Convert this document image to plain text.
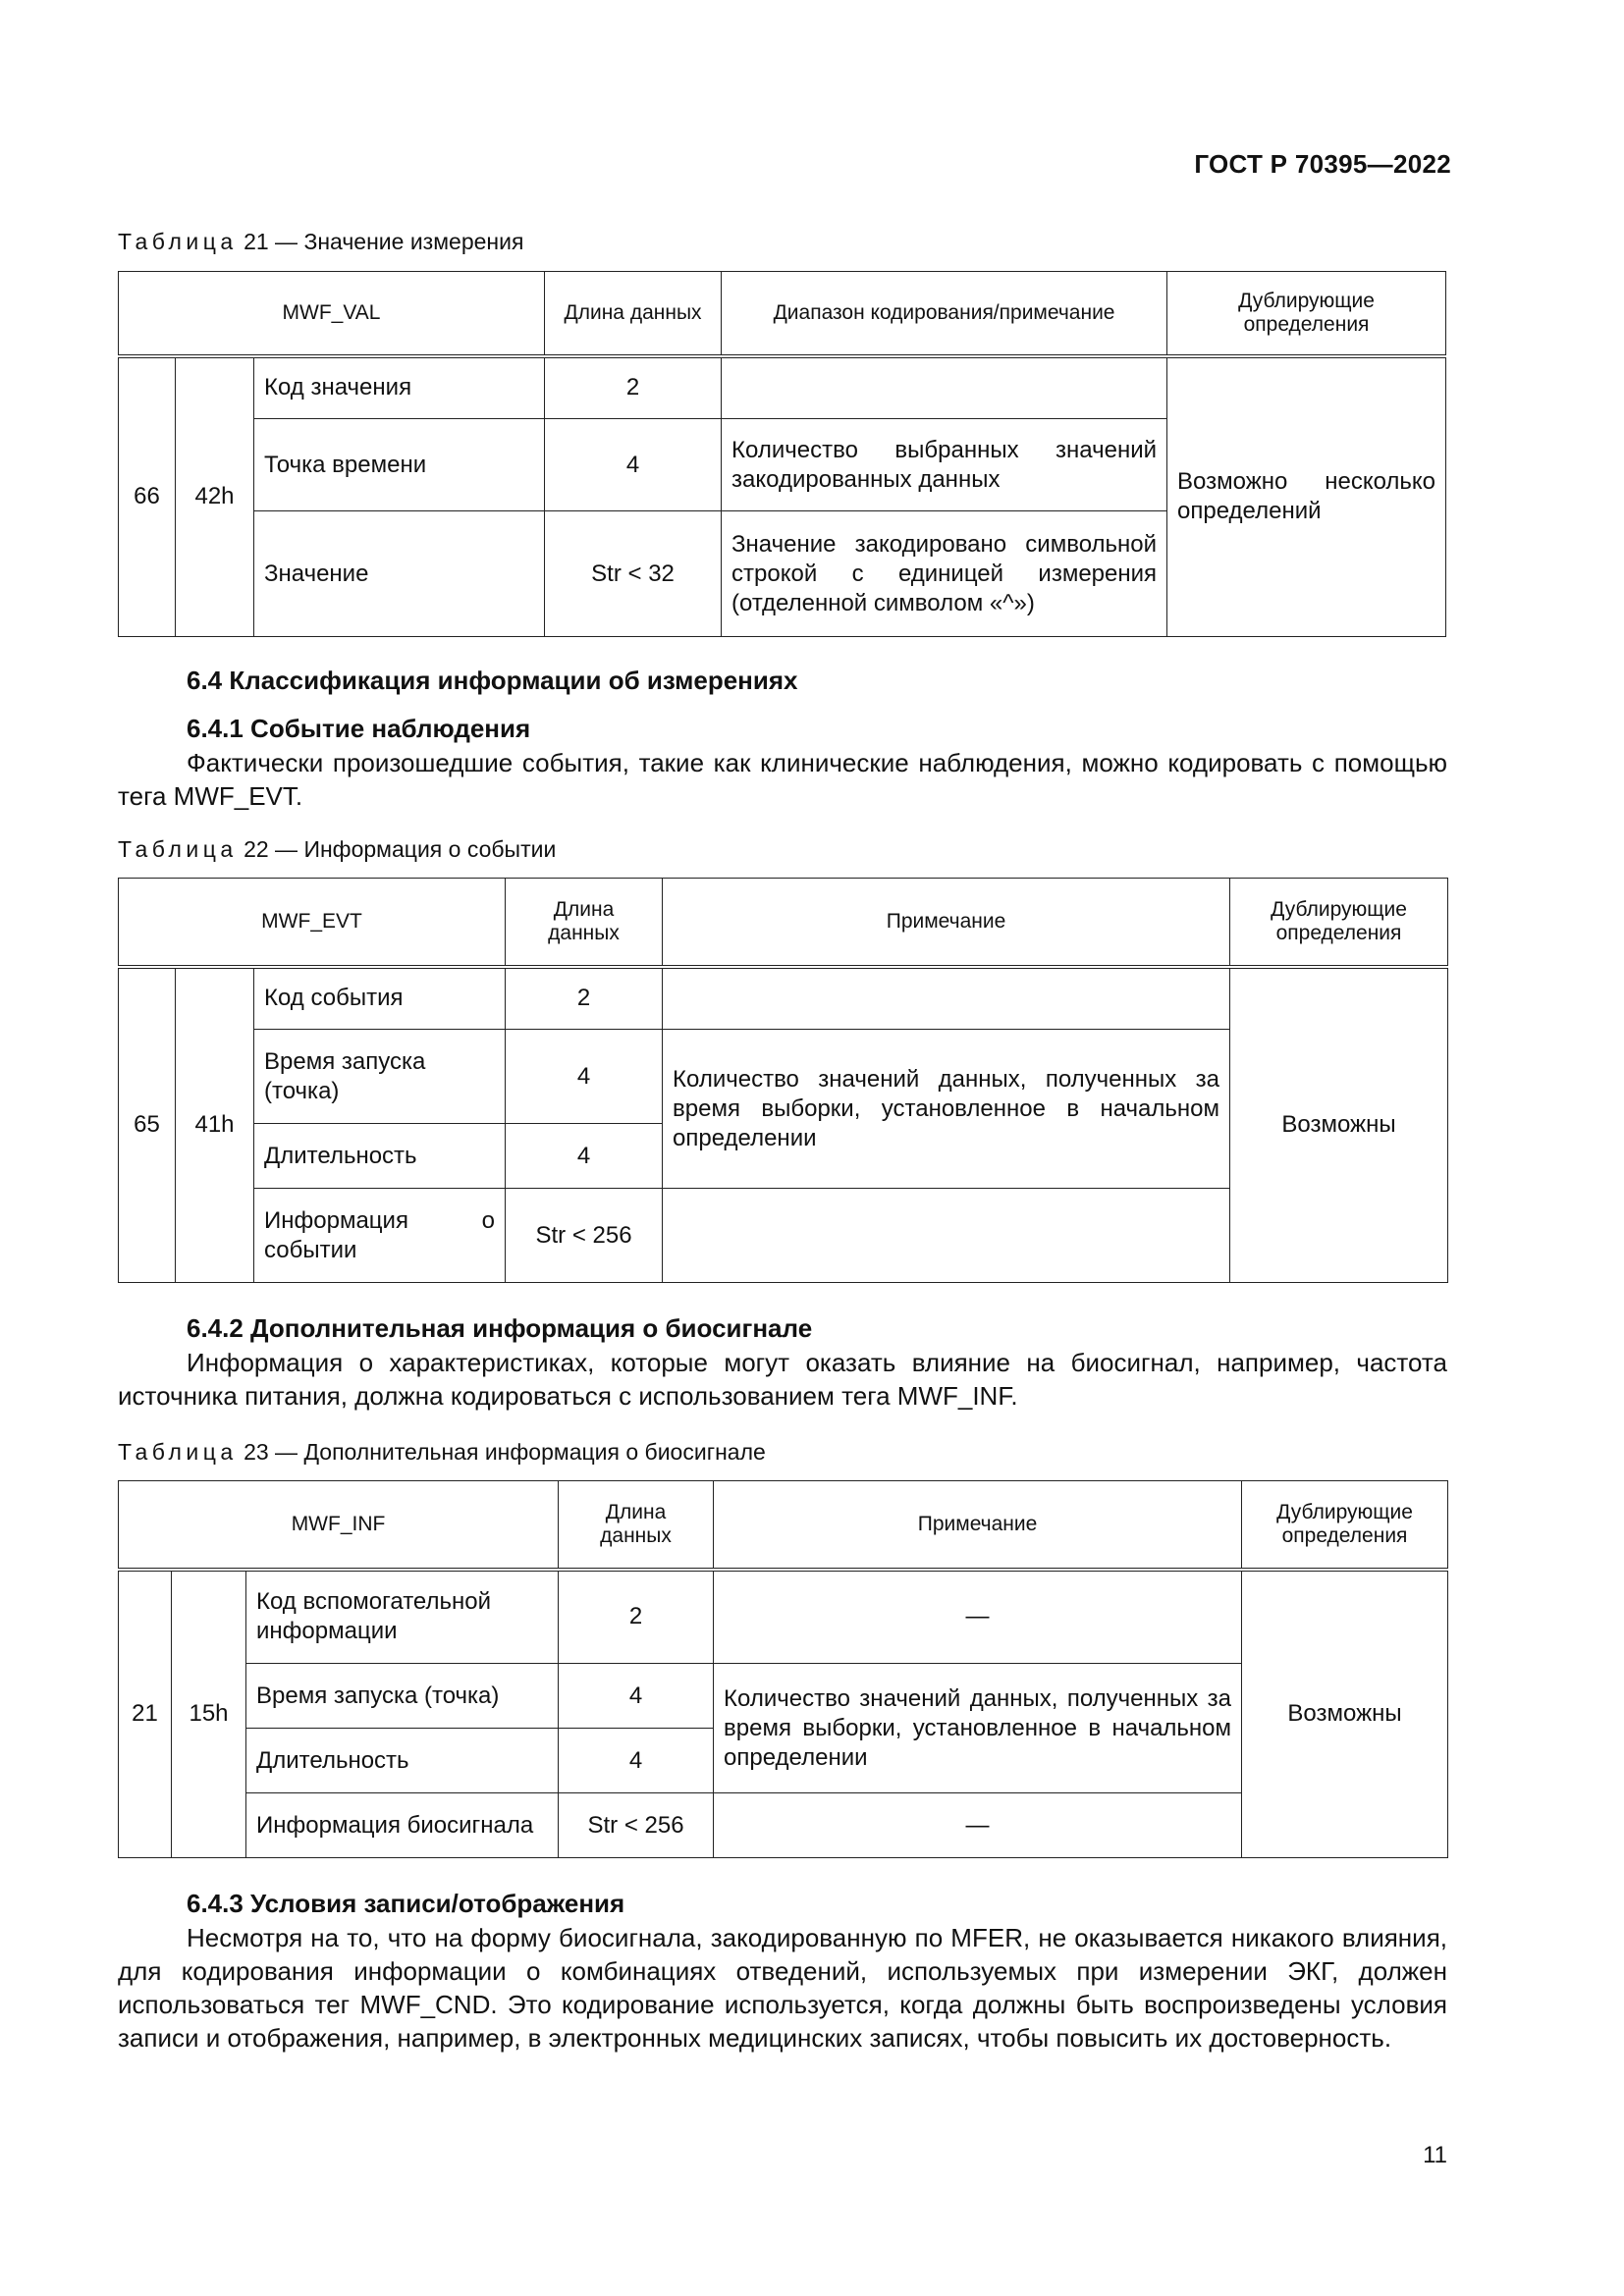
ГОСТ Р 70395—2022
Таблица 21 — Значение измерения
MWF_VAL			Длина данных	Диапазон кодирования/примечание	Дублирующие определения
66	42h	Код значения	2		Возможно несколько определений
		Точка времени	4	Количество выбранных значений закодированных данных	
		Значение	Str < 32	Значение закодировано символьной строкой с единицей измерения (отделенной символом «^»)	
6.4 Классификация информации об измерениях
6.4.1 Событие наблюдения
Фактически произошедшие события, такие как клинические наблюдения, можно кодировать с помощью тега MWF_EVT.
Таблица 22 — Информация о событии
MWF_EVT			Длина данных	Примечание	Дублирующие определения
65	41h	Код события	2		Возможны
		Время запуска (точка)	4	Количество значений данных, полученных за время выборки, установленное в начальном определении	
		Длительность	4		
		Информация о событии	Str < 256		
6.4.2 Дополнительная информация о биосигнале
Информация о характеристиках, которые могут оказать влияние на биосигнал, например, частота источника питания, должна кодироваться с использованием тега MWF_INF.
Таблица 23 — Дополнительная информация о биосигнале
MWF_INF			Длина данных	Примечание	Дублирующие определения
21	15h	Код вспомогательной информации	2	—	Возможны
		Время запуска (точка)	4	Количество значений данных, полученных за время выборки, установленное в начальном определении	
		Длительность	4		
		Информация биосигнала	Str < 256	—	
6.4.3 Условия записи/отображения
Несмотря на то, что на форму биосигнала, закодированную по MFER, не оказывается никакого влияния, для кодирования информации о комбинациях отведений, используемых при измерении ЭКГ, должен использоваться тег MWF_CND. Это кодирование используется, когда должны быть воспроизведены условия записи и отображения, например, в электронных медицинских записях, чтобы повысить их достоверность.
11
